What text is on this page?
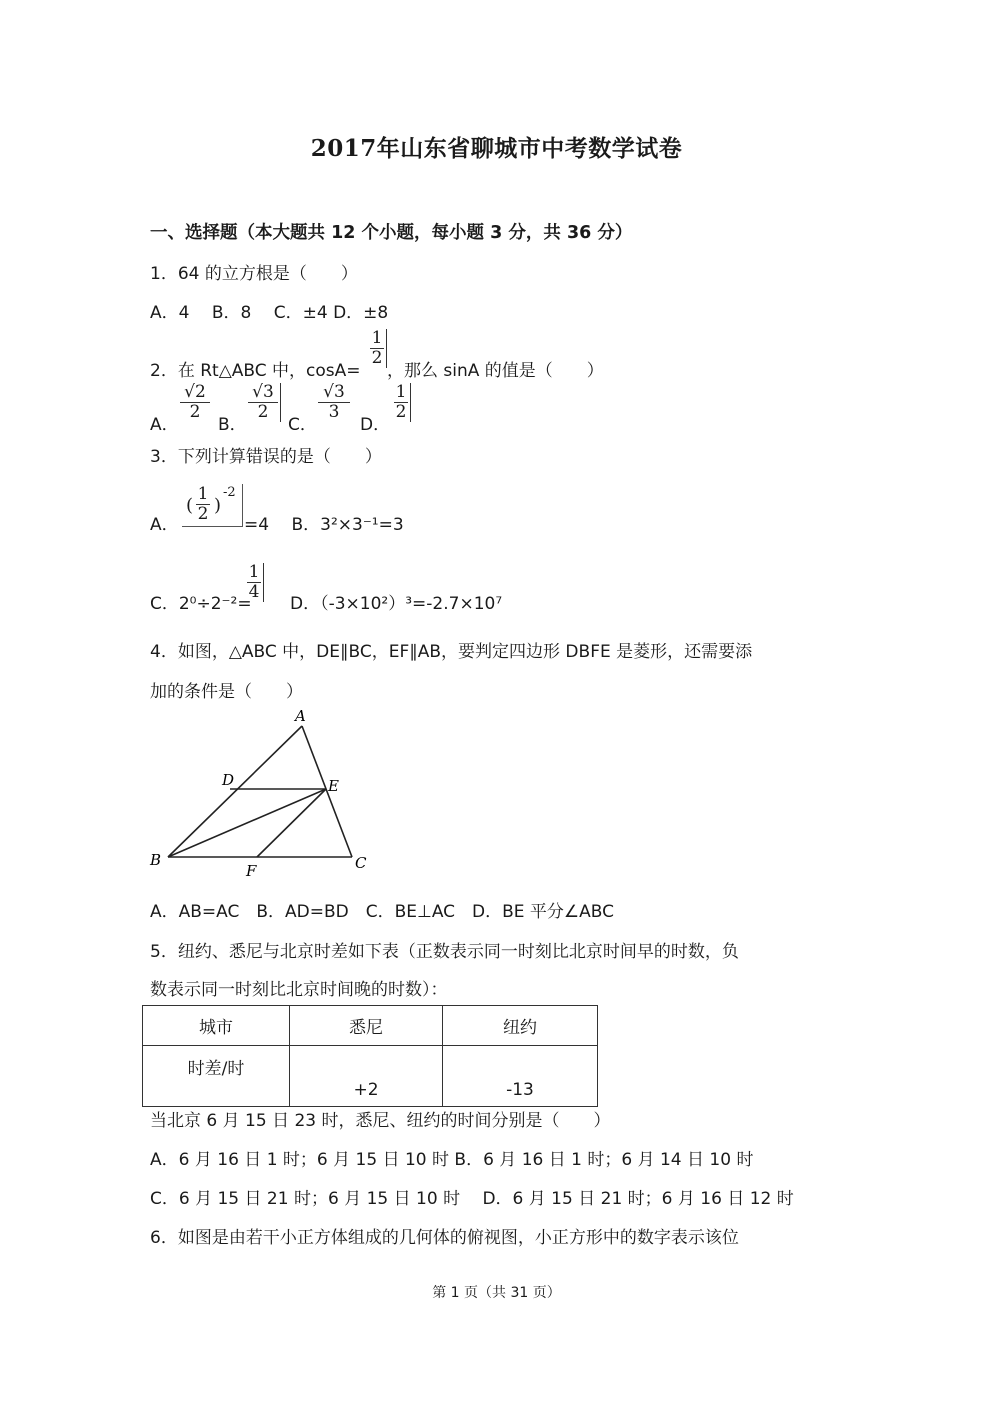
2017年山东省聊城市中考数学试卷
一、选择题（本大题共 12 个小题，每小题 3 分，共 36 分）
1．64 的立方根是（　　）
A．4　 B．8　 C．±4 D．±8
2．在 Rt△ABC 中，cosA=
$\frac{1}{2}$
，那么 sinA 的值是（　　）
A．
$\frac{√2}{2}$
B．
$\frac{√3}{2}$
C．
$\frac{√3}{3}$
D．
$\frac{1}{2}$
3．下列计算错误的是（　　）
A．
( $\frac{1}{2}$ )
-2
=4　 B．3²×3⁻¹=3
C．2⁰÷2⁻²=
$\frac{1}{4}$
D．（-3×10²）³=-2.7×10⁷
4．如图，△ABC 中，DE∥BC，EF∥AB，要判定四边形 DBFE 是菱形，还需要添
加的条件是（　　）
A
D	E
B
F	C
A．AB=AC　B．AD=BD　C．BE⊥AC　D．BE 平分∠ABC
5．纽约、悉尼与北京时差如下表（正数表示同一时刻比北京时间早的时数，负
数表示同一时刻比北京时间晚的时数）：
城市	悉尼	纽约
时差/时	+2	-13
当北京 6 月 15 日 23 时，悉尼、纽约的时间分别是（　　）
A．6 月 16 日 1 时；6 月 15 日 10 时 B．6 月 16 日 1 时；6 月 14 日 10 时
C．6 月 15 日 21 时；6 月 15 日 10 时　 D．6 月 15 日 21 时；6 月 16 日 12 时
6．如图是由若干小正方体组成的几何体的俯视图，小正方形中的数字表示该位
第 1 页（共 31 页）
